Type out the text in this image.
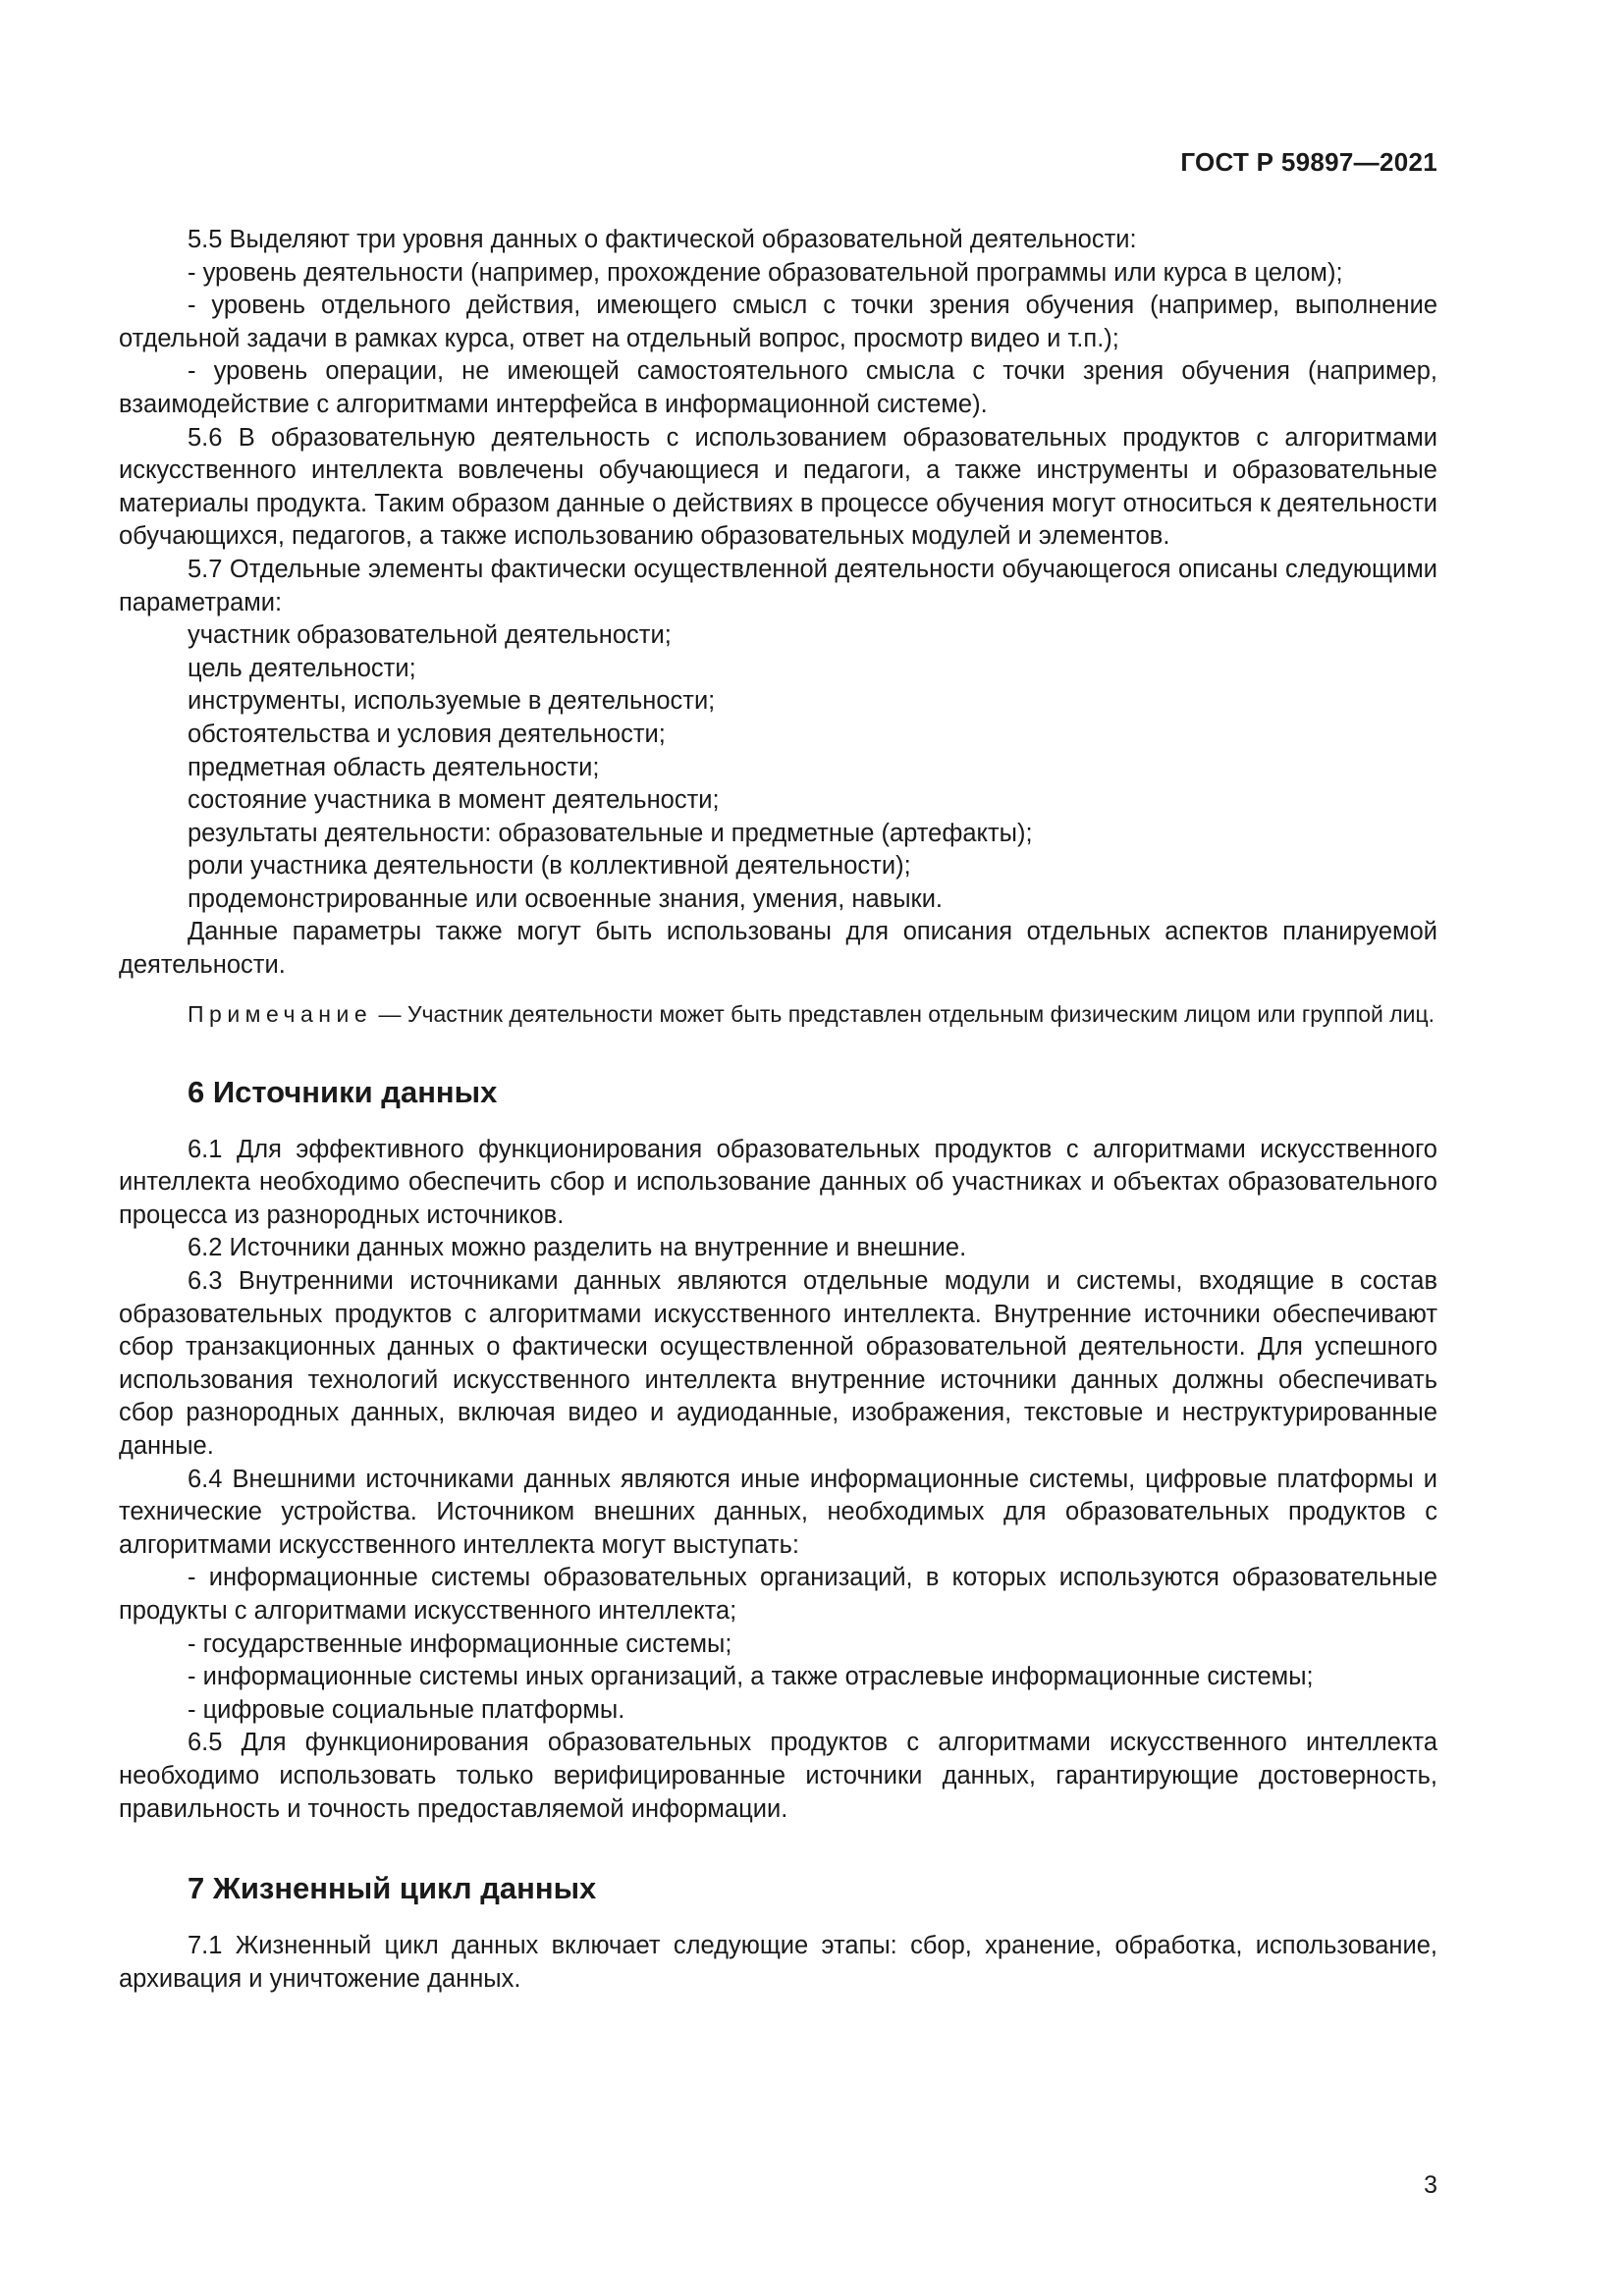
ГОСТ Р 59897—2021

5.5 Выделяют три уровня данных о фактической образовательной деятельности:

- уровень деятельности (например, прохождение образовательной программы или курса в целом);

- уровень отдельного действия, имеющего смысл с точки зрения обучения (например, выполнение отдельной задачи в рамках курса, ответ на отдельный вопрос, просмотр видео и т.п.);

- уровень операции, не имеющей самостоятельного смысла с точки зрения обучения (например, взаимодействие с алгоритмами интерфейса в информационной системе).

5.6 В образовательную деятельность с использованием образовательных продуктов с алгоритмами искусственного интеллекта вовлечены обучающиеся и педагоги, а также инструменты и образовательные материалы продукта. Таким образом данные о действиях в процессе обучения могут относиться к деятельности обучающихся, педагогов, а также использованию образовательных модулей и элементов.

5.7 Отдельные элементы фактически осуществленной деятельности обучающегося описаны следующими параметрами:

участник образовательной деятельности;

цель деятельности;

инструменты, используемые в деятельности;

обстоятельства и условия деятельности;

предметная область деятельности;

состояние участника в момент деятельности;

результаты деятельности: образовательные и предметные (артефакты);

роли участника деятельности (в коллективной деятельности);

продемонстрированные или освоенные знания, умения, навыки.

Данные параметры также могут быть использованы для описания отдельных аспектов планируемой деятельности.

Примечание — Участник деятельности может быть представлен отдельным физическим лицом или группой лиц.

6 Источники данных

6.1 Для эффективного функционирования образовательных продуктов с алгоритмами искусственного интеллекта необходимо обеспечить сбор и использование данных об участниках и объектах образовательного процесса из разнородных источников.

6.2 Источники данных можно разделить на внутренние и внешние.

6.3 Внутренними источниками данных являются отдельные модули и системы, входящие в состав образовательных продуктов с алгоритмами искусственного интеллекта. Внутренние источники обеспечивают сбор транзакционных данных о фактически осуществленной образовательной деятельности. Для успешного использования технологий искусственного интеллекта внутренние источники данных должны обеспечивать сбор разнородных данных, включая видео и аудиоданные, изображения, текстовые и неструктурированные данные.

6.4 Внешними источниками данных являются иные информационные системы, цифровые платформы и технические устройства. Источником внешних данных, необходимых для образовательных продуктов с алгоритмами искусственного интеллекта могут выступать:

- информационные системы образовательных организаций, в которых используются образовательные продукты с алгоритмами искусственного интеллекта;

- государственные информационные системы;

- информационные системы иных организаций, а также отраслевые информационные системы;

- цифровые социальные платформы.

6.5 Для функционирования образовательных продуктов с алгоритмами искусственного интеллекта необходимо использовать только верифицированные источники данных, гарантирующие достоверность, правильность и точность предоставляемой информации.

7 Жизненный цикл данных

7.1 Жизненный цикл данных включает следующие этапы: сбор, хранение, обработка, использование, архивация и уничтожение данных.

3
